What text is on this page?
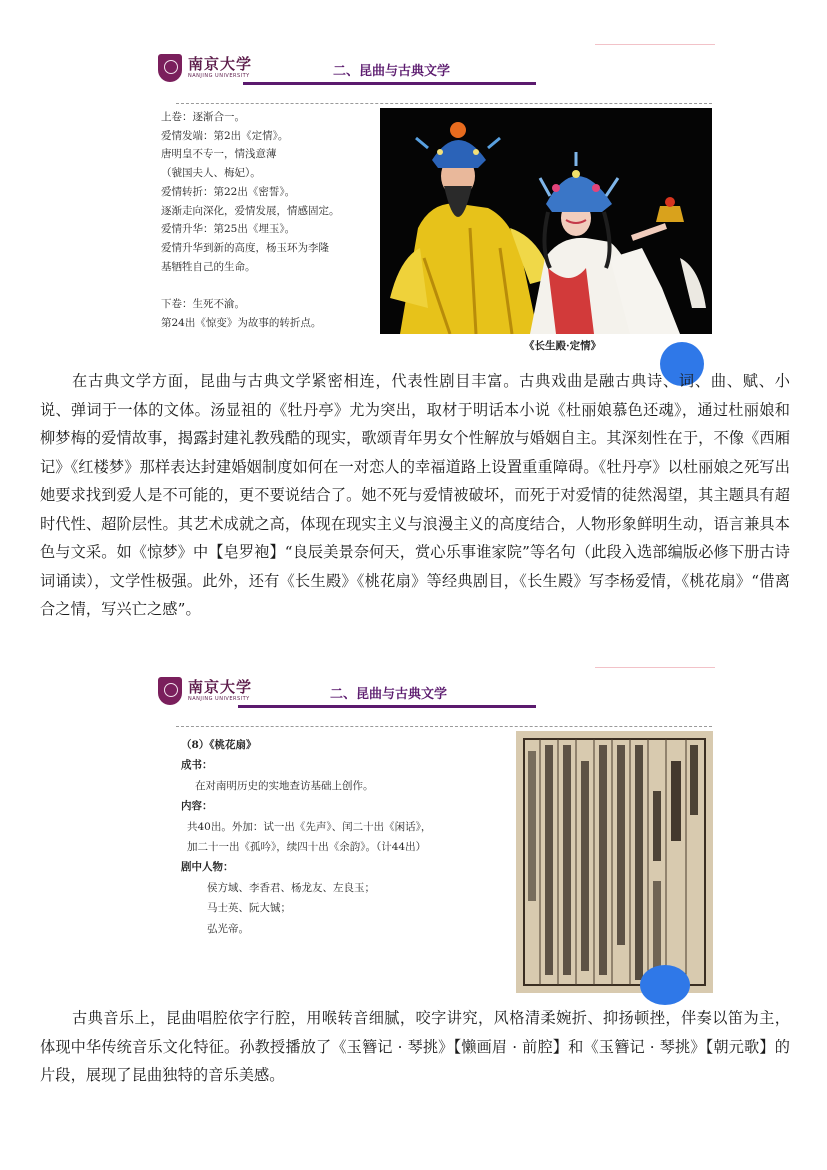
南京大学
NANJING UNIVERSITY	二、昆曲与古典文学
上卷：逐渐合一。
爱情发端：第2出《定情》。
唐明皇不专一，情浅意薄
（虢国夫人、梅妃）。
爱情转折：第22出《密誓》。
逐渐走向深化，爱情发展，情感固定。
爱情升华：第25出《埋玉》。
爱情升华到新的高度，杨玉环为李隆
基牺牲自己的生命。
下卷：生死不渝。
第24出《惊变》为故事的转折点。
《长生殿·定情》
在古典文学方面，昆曲与古典文学紧密相连，代表性剧目丰富。古典戏曲是融古典诗、词、曲、赋、小说、弹词于一体的文体。汤显祖的《牡丹亭》尤为突出，取材于明话本小说《杜丽娘慕色还魂》，通过杜丽娘和柳梦梅的爱情故事，揭露封建礼教残酷的现实，歌颂青年男女个性解放与婚姻自主。其深刻性在于，不像《西厢记》《红楼梦》那样表达封建婚姻制度如何在一对恋人的幸福道路上设置重重障碍。《牡丹亭》以杜丽娘之死写出她要求找到爱人是不可能的，更不要说结合了。她不死与爱情被破坏，而死于对爱情的徒然渴望，其主题具有超时代性、超阶层性。其艺术成就之高，体现在现实主义与浪漫主义的高度结合，人物形象鲜明生动，语言兼具本色与文采。如《惊梦》中【皂罗袍】“良辰美景奈何天，赏心乐事谁家院”等名句（此段入选部编版必修下册古诗词诵读），文学性极强。此外，还有《长生殿》《桃花扇》等经典剧目，《长生殿》写李杨爱情，《桃花扇》“借离合之情，写兴亡之感”。
南京大学
NANJING UNIVERSITY	二、昆曲与古典文学
（8）《桃花扇》
成书：
在对南明历史的实地查访基础上创作。
内容：
共40出。外加：试一出《先声》、闰二十出《闲话》，
加二十一出《孤吟》，续四十出《余韵》。（计44出）
剧中人物：
侯方域、李香君、杨龙友、左良玉；
马士英、阮大铖；
弘光帝。
古典音乐上，昆曲唱腔依字行腔，用喉转音细腻，咬字讲究，风格清柔婉折、抑扬顿挫，伴奏以笛为主，体现中华传统音乐文化特征。孙教授播放了《玉簪记 · 琴挑》【懒画眉 · 前腔】和《玉簪记 · 琴挑》【朝元歌】的片段，展现了昆曲独特的音乐美感。
